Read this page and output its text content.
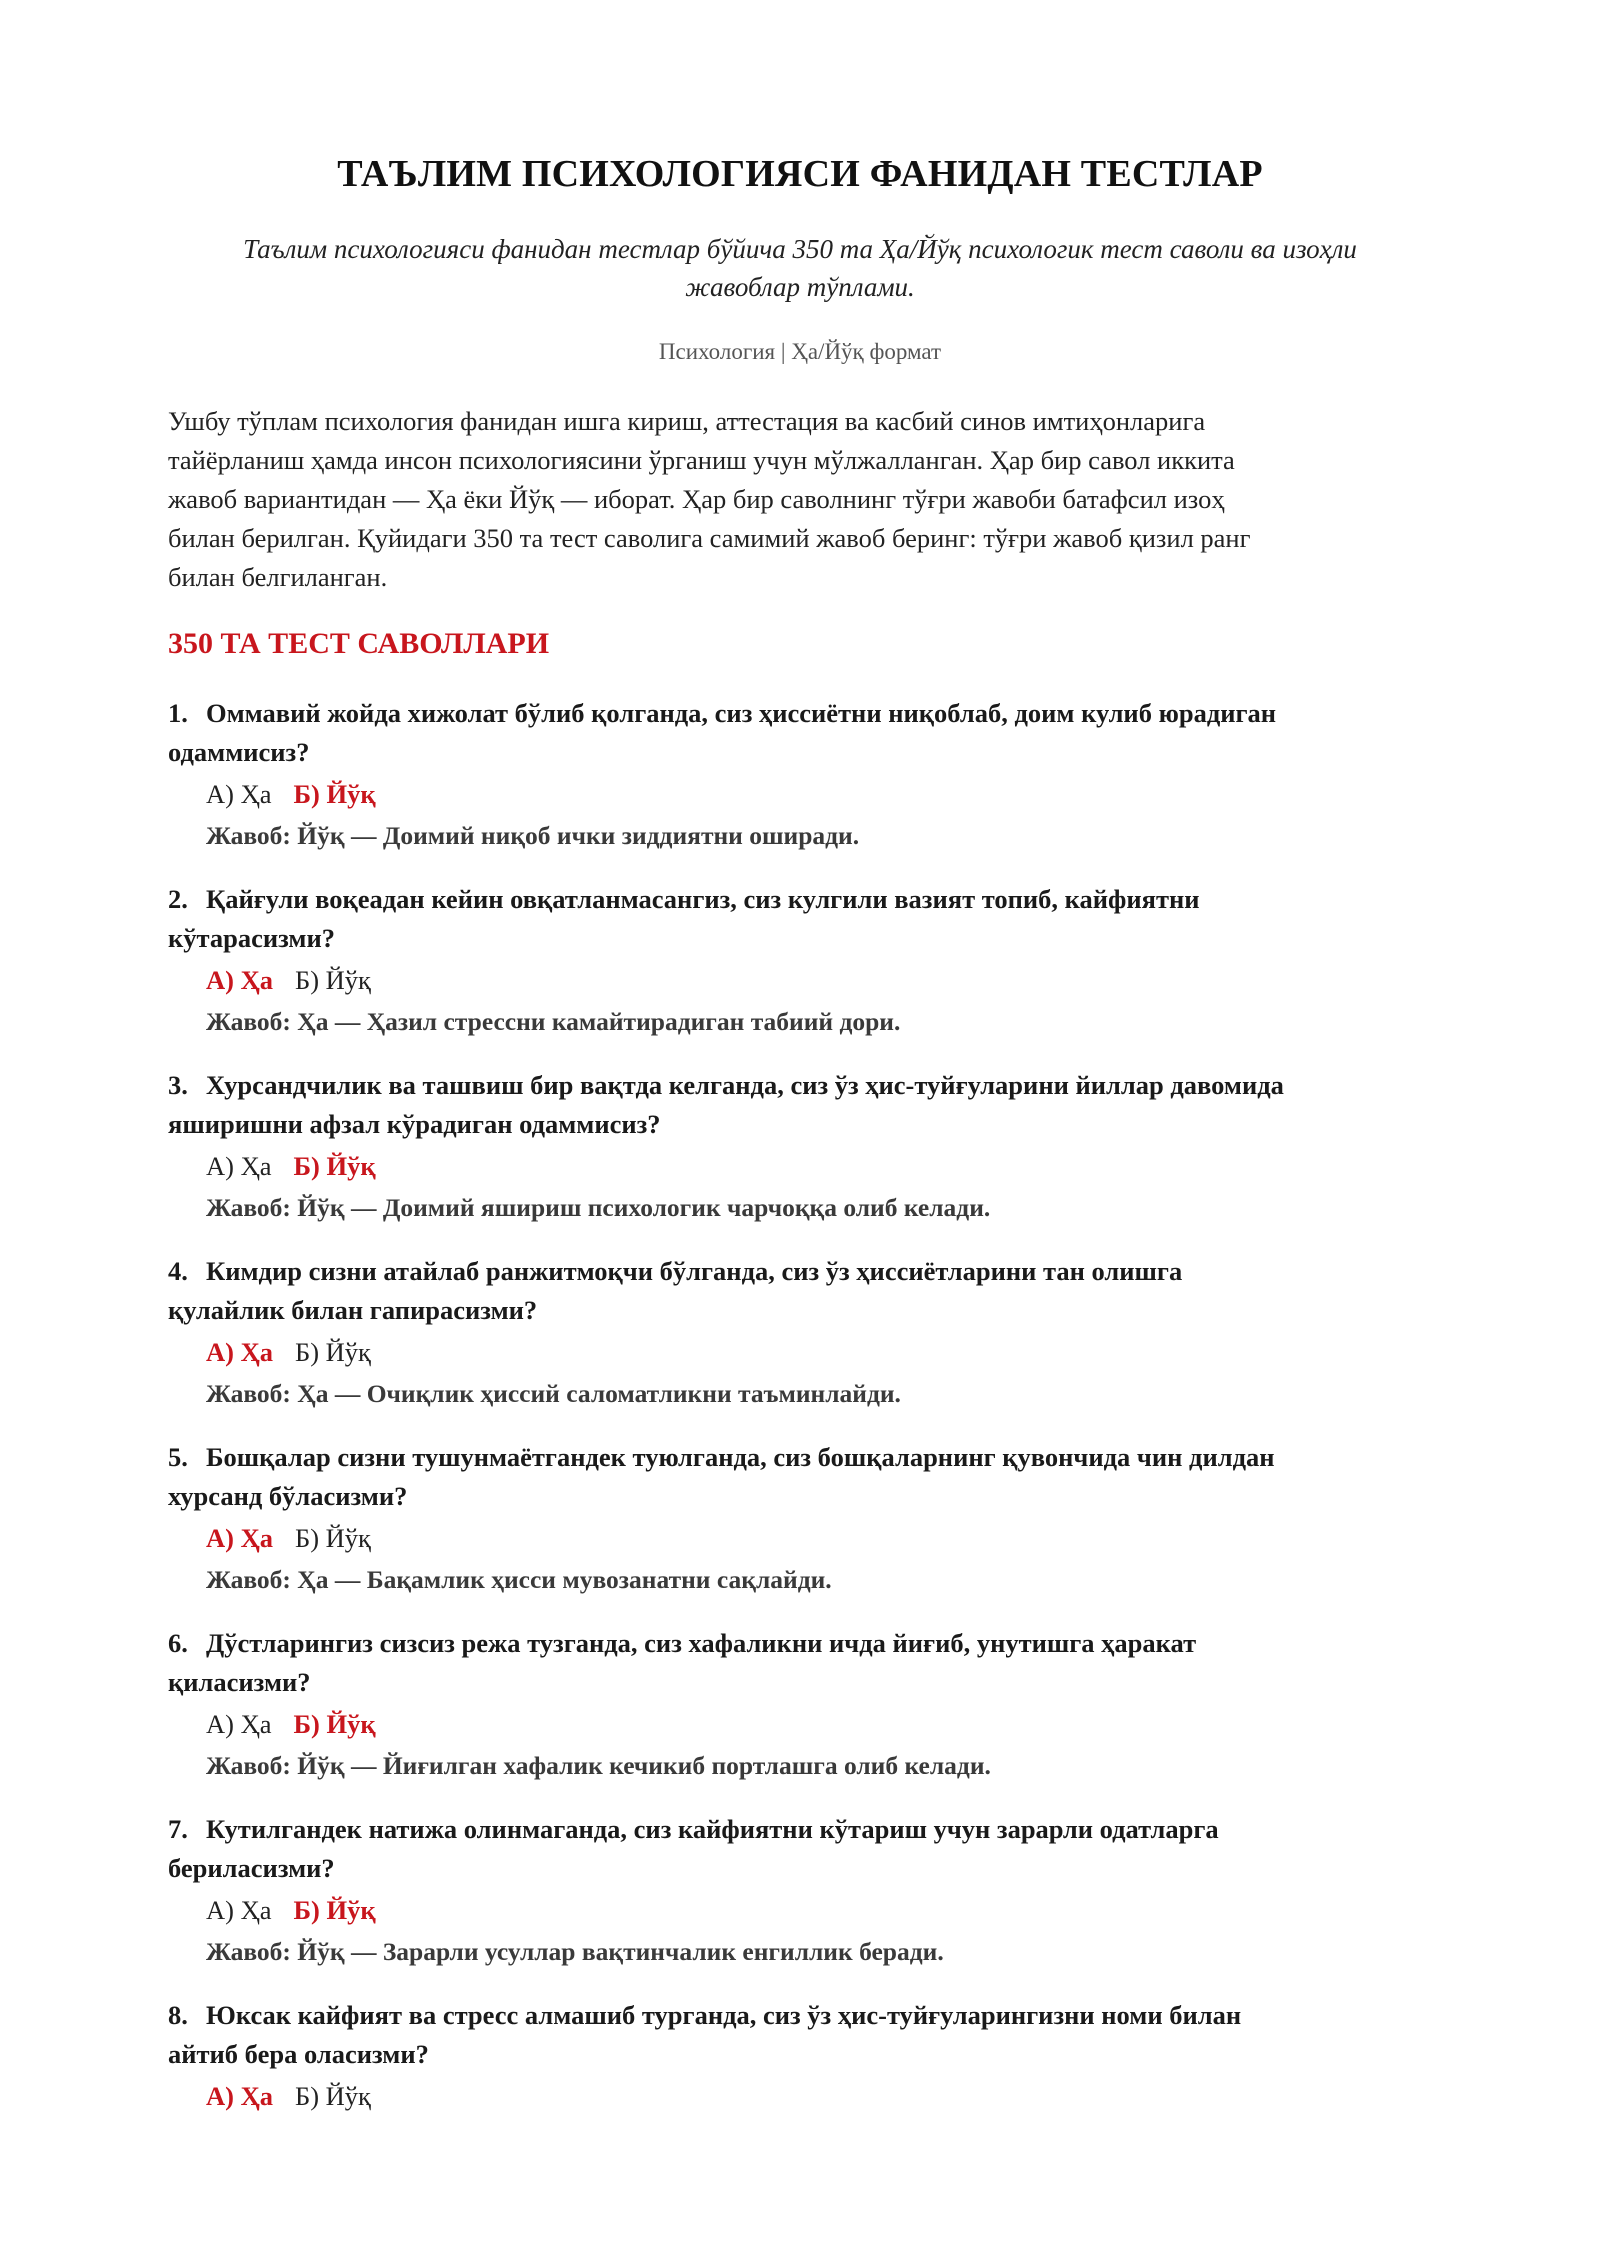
ТАЪЛИМ ПСИХОЛОГИЯСИ ФАНИДАН ТЕСТЛАР
Таълим психологияси фанидан тестлар бўйича 350 та Ҳа/Йўқ психологик тест саволи ва изоҳли
жавоблар тўплами.
Психология | Ҳа/Йўқ формат
Ушбу тўплам психология фанидан ишга кириш, аттестация ва касбий синов имтиҳонларига
тайёрланиш ҳамда инсон психологиясини ўрганиш учун мўлжалланган. Ҳар бир савол иккита
жавоб вариантидан — Ҳа ёки Йўқ — иборат. Ҳар бир саволнинг тўғри жавоби батафсил изоҳ
билан берилган. Қуйидаги 350 та тест саволига самимий жавоб беринг: тўғри жавоб қизил ранг
билан белгиланган.
350 ТА ТЕСТ САВОЛЛАРИ
1. Оммавий жойда хижолат бўлиб қолганда, сиз ҳиссиётни ниқоблаб, доим кулиб юрадиган
одаммисиз?
А) Ҳа Б) Йўқ
Жавоб: Йўқ — Доимий ниқоб ички зиддиятни оширади.
2. Қайғули воқеадан кейин овқатланмасангиз, сиз кулгили вазият топиб, кайфиятни
кўтарасизми?
А) Ҳа Б) Йўқ
Жавоб: Ҳа — Ҳазил стрессни камайтирадиган табиий дори.
3. Хурсандчилик ва ташвиш бир вақтда келганда, сиз ўз ҳис-туйғуларини йиллар давомида
яширишни афзал кўрадиган одаммисиз?
А) Ҳа Б) Йўқ
Жавоб: Йўқ — Доимий яшириш психологик чарчоққа олиб келади.
4. Кимдир сизни атайлаб ранжитмоқчи бўлганда, сиз ўз ҳиссиётларини тан олишга
қулайлик билан гапирасизми?
А) Ҳа Б) Йўқ
Жавоб: Ҳа — Очиқлик ҳиссий саломатликни таъминлайди.
5. Бошқалар сизни тушунмаётгандек туюлганда, сиз бошқаларнинг қувончида чин дилдан
хурсанд бўласизми?
А) Ҳа Б) Йўқ
Жавоб: Ҳа — Бақамлик ҳисси мувозанатни сақлайди.
6. Дўстларингиз сизсиз режа тузганда, сиз хафаликни ичда йиғиб, унутишга ҳаракат
қиласизми?
А) Ҳа Б) Йўқ
Жавоб: Йўқ — Йиғилган хафалик кечикиб портлашга олиб келади.
7. Кутилгандек натижа олинмаганда, сиз кайфиятни кўтариш учун зарарли одатларга
бериласизми?
А) Ҳа Б) Йўқ
Жавоб: Йўқ — Зарарли усуллар вақтинчалик енгиллик беради.
8. Юксак кайфият ва стресс алмашиб турганда, сиз ўз ҳис-туйғуларингизни номи билан
айтиб бера оласизми?
А) Ҳа Б) Йўқ
